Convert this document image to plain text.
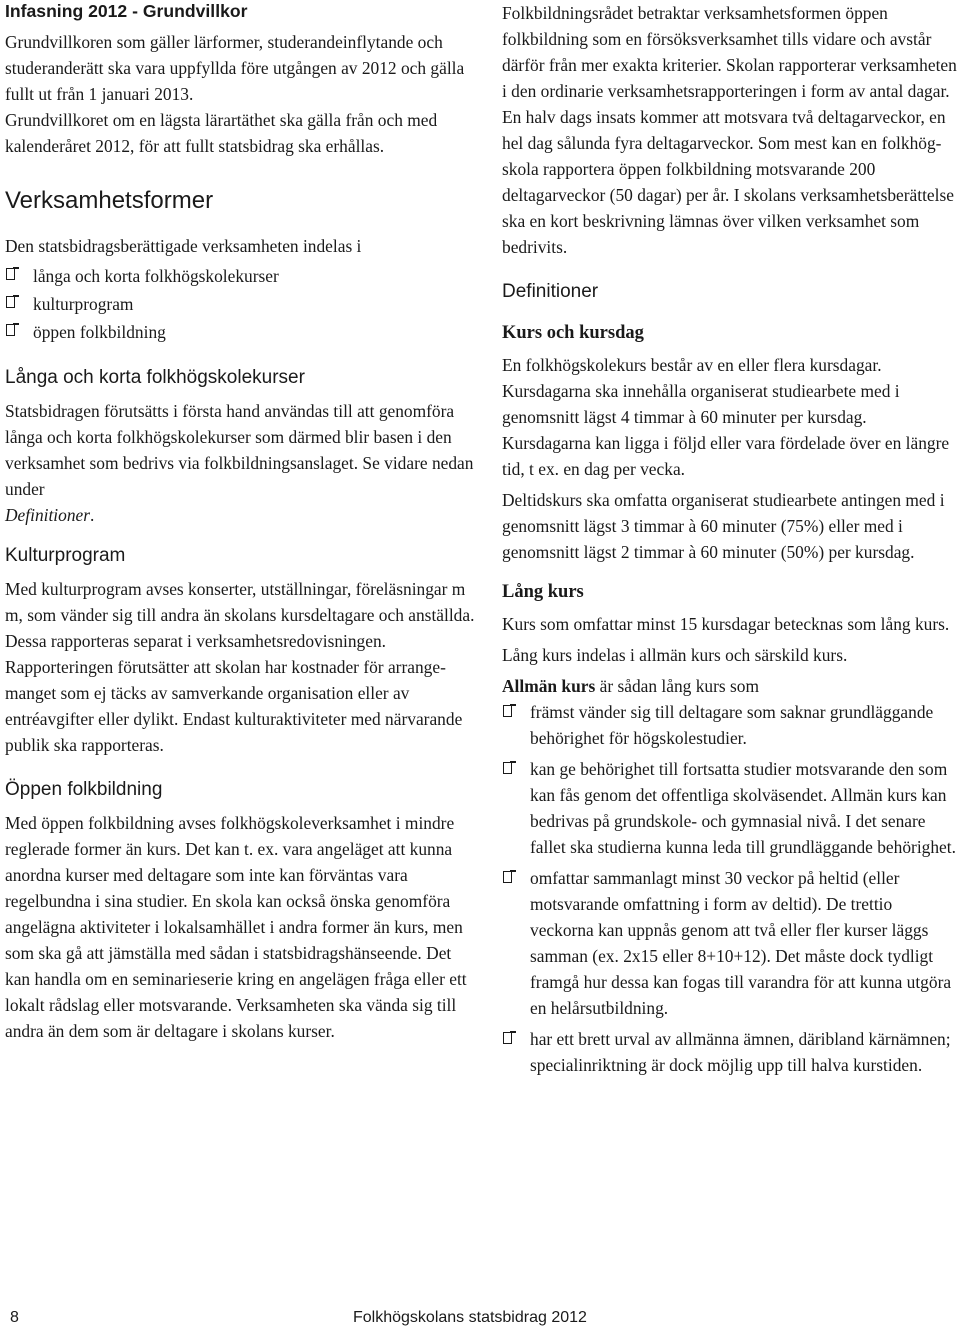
Infasning 2012 - Grundvillkor

Grundvillkoren som gäller lärformer, studerandeinflytande och studeranderätt ska vara uppfyllda före utgången av 2012 och gälla fullt ut från 1 januari 2013.

Grundvillkoret om en lägsta lärartäthet ska gälla från och med kalenderåret 2012, för att fullt statsbidrag ska erhållas.

Verksamhetsformer

Den statsbidragsberättigade verksamheten indelas i

långa och korta folkhögskolekurser
kulturprogram
öppen folkbildning
Långa och korta folkhögskolekurser

Statsbidragen förutsätts i första hand användas till att genomföra långa och korta folkhögskolekurser som därmed blir basen i den verksamhet som bedrivs via folkbildningsanslaget. Se vidare nedan under
Definitioner.

Kulturprogram

Med kulturprogram avses konserter, utställningar, föreläsningar m m, som vänder sig till andra än skolans kursdeltagare och anställda. Dessa rapporteras separat i verksamhetsredovisningen. Rapporteringen förutsätter att skolan har kostnader för arrangemanget som ej täcks av samverkande organisation eller av entréavgifter eller dylikt. Endast kulturaktiviteter med närvarande publik ska rapporteras.

Öppen folkbildning

Med öppen folkbildning avses folkhögskoleverksamhet i mindre reglerade former än kurs. Det kan t. ex. vara angeläget att kunna anordna kurser med deltagare som inte kan förväntas vara regelbundna i sina studier. En skola kan också önska genomföra angelägna aktiviteter i lokalsamhället i andra former än kurs, men som ska gå att jämställa med sådan i statsbidragshänseende. Det kan handla om en seminarieserie kring en angelägen fråga eller ett lokalt rådslag eller motsvarande. Verksamheten ska vända sig till andra än dem som är deltagare i skolans kurser.

Folkbildningsrådet betraktar verksamhetsformen öppen folkbildning som en försöksverksamhet tills vidare och avstår därför från mer exakta kriterier. Skolan rapporterar verksamheten i den ordinarie verksamhetsrapporteringen i form av antal dagar. En halv dags insats kommer att motsvara två deltagarveckor, en hel dag sålunda fyra deltagarveckor. Som mest kan en folkhögskola rapportera öppen folkbildning motsvarande 200 deltagarveckor (50 dagar) per år. I skolans verksamhetsberättelse ska en kort beskrivning lämnas över vilken verksamhet som bedrivits.

Definitioner

Kurs och kursdag

En folkhögskolekurs består av en eller flera kursdagar. Kursdagarna ska innehålla organiserat studiearbete med i genomsnitt lägst 4 timmar à 60 minuter per kursdag. Kursdagarna kan ligga i följd eller vara fördelade över en längre tid, t ex. en dag per vecka.

Deltidskurs ska omfatta organiserat studiearbete antingen med i genomsnitt lägst 3 timmar à 60 minuter (75%) eller med i genomsnitt lägst 2 timmar à 60 minuter (50%) per kursdag.

Lång kurs

Kurs som omfattar minst 15 kursdagar betecknas som lång kurs.

Lång kurs indelas i allmän kurs och särskild kurs.

Allmän kurs är sådan lång kurs som

främst vänder sig till deltagare som saknar grundläggande behörighet för högskolestudier.
kan ge behörighet till fortsatta studier motsvarande den som kan fås genom det offentliga skolväsendet. Allmän kurs kan bedrivas på grundskole- och gymnasial nivå. I det senare fallet ska studierna kunna leda till grundläggande behörighet.
omfattar sammanlagt minst 30 veckor på heltid (eller motsvarande omfattning i form av deltid). De trettio veckorna kan uppnås genom att två eller fler kurser läggs samman (ex. 2x15 eller 8+10+12). Det måste dock tydligt framgå hur dessa kan fogas till varandra för att kunna utgöra en helårsutbildning.
har ett brett urval av allmänna ämnen, däribland kärnämnen; specialinriktning är dock möjlig upp till halva kurstiden.
8	Folkhögskolans statsbidrag 2012
